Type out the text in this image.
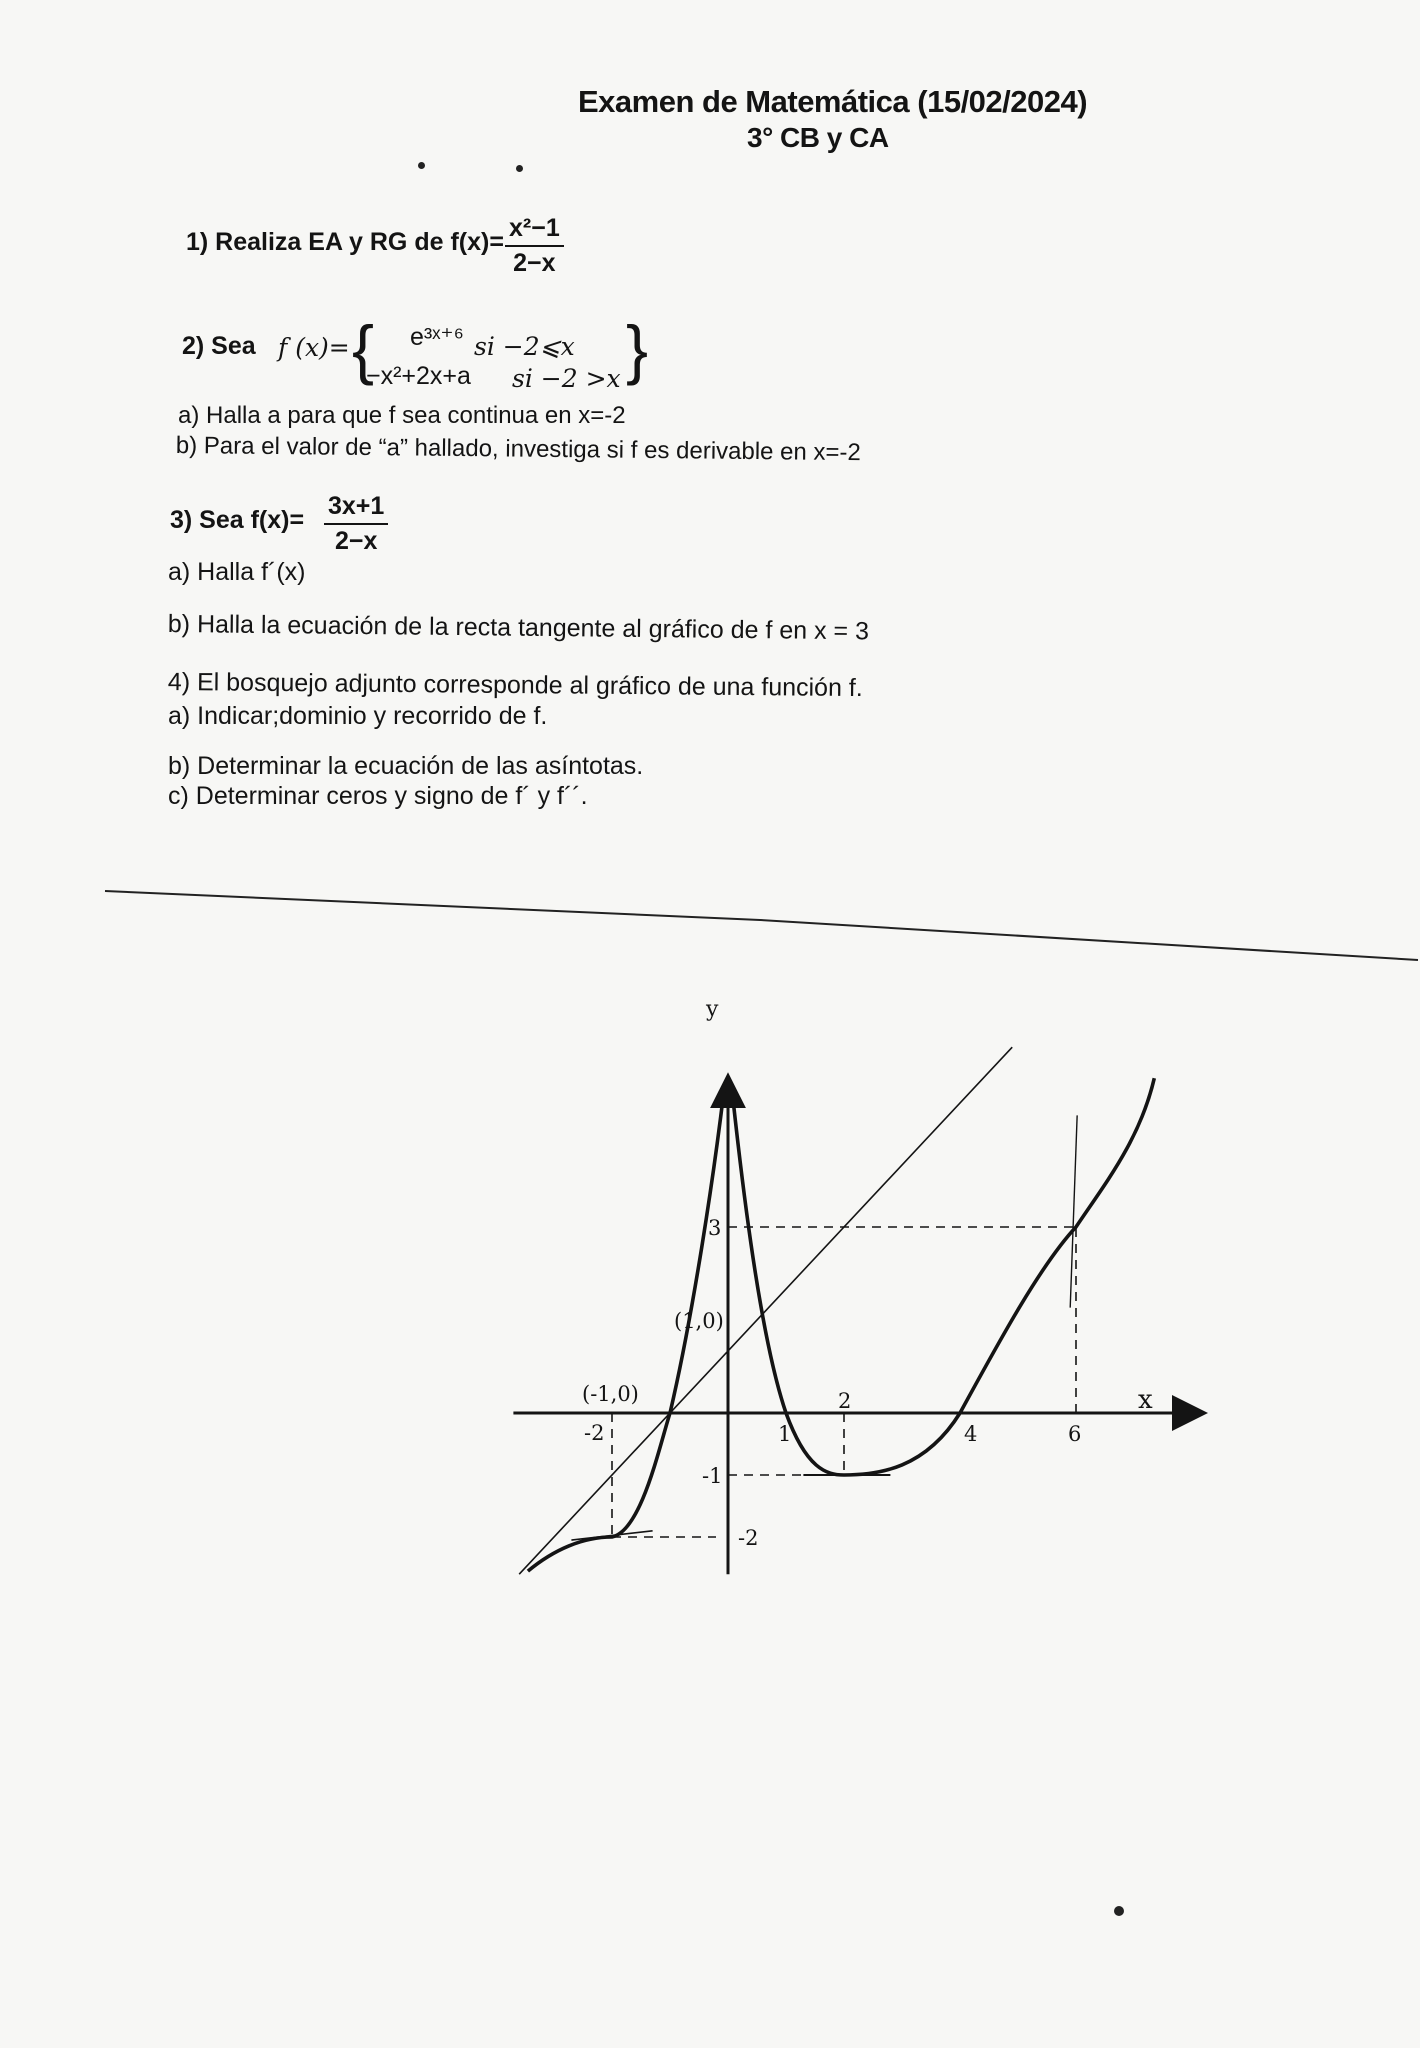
Examen de Matemática (15/02/2024)
3° CB y CA
1) Realiza EA y RG de $f(x)= \frac{\text{x²−1}}{2-x}$
2) Sea f (x)= { e³ˣ⁺⁶ si −2⩽x
−x²+2x+a si −2 >x }
a) Halla a para que f sea continua en x=-2
b) Para el valor de “a” hallado, investiga si f es derivable en x=-2
3) Sea $f(x)= \frac{3x+1}{2-x}$
a) Halla f´(x)
b) Halla la ecuación de la recta tangente al gráfico de f en x = 3
4) El bosquejo adjunto corresponde al gráfico de una función f.
a) Indicar;dominio y recorrido de f.
b) Determinar la ecuación de las asíntotas.
c) Determinar ceros y signo de f´ y f´´.
x
y
(-1,0)
(1,0)
-2	1
2
4	6
3
-1
-2
